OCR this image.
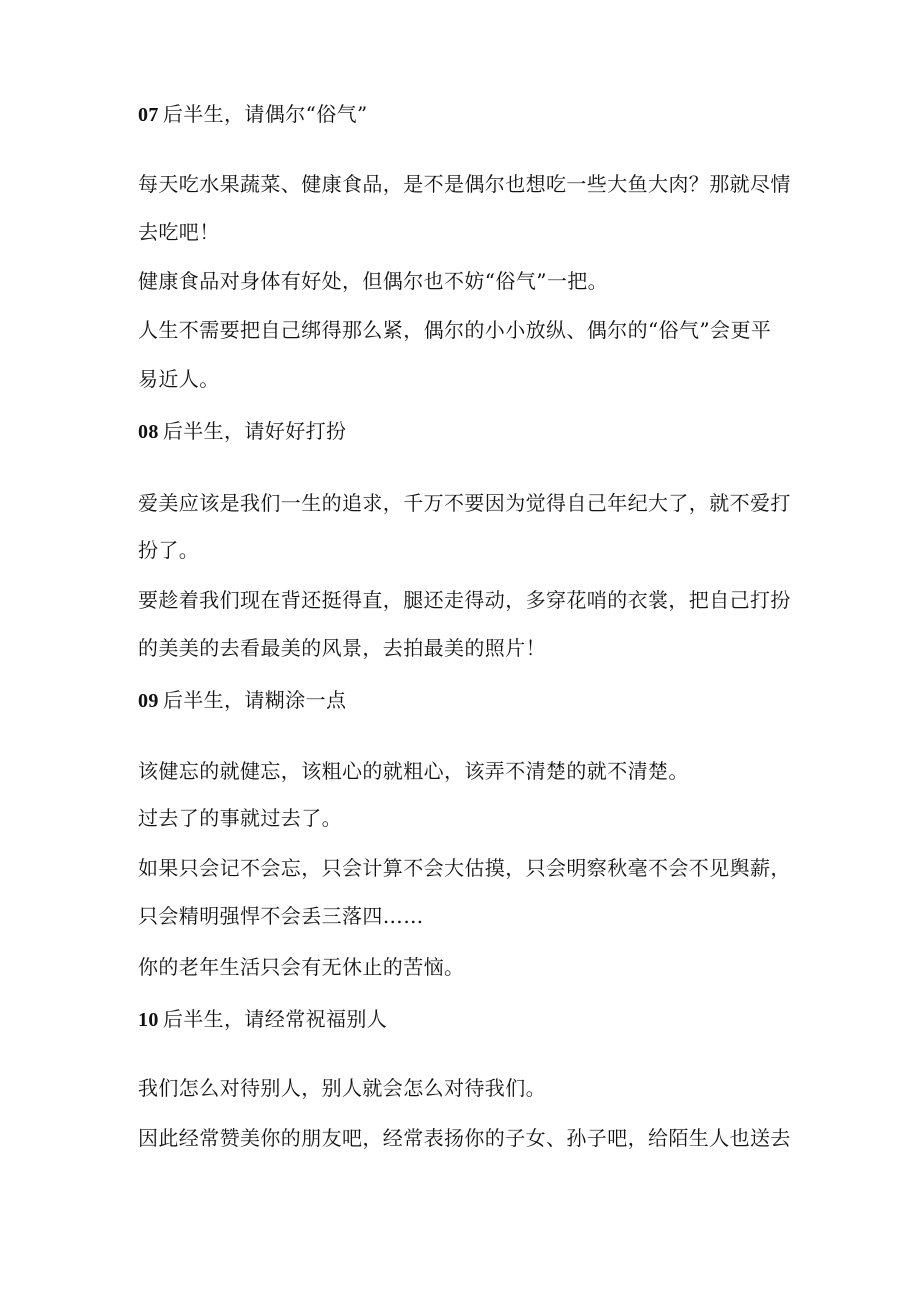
07 后半生，请偶尔“俗气”
每天吃水果蔬菜、健康食品，是不是偶尔也想吃一些大鱼大肉？那就尽情
去吃吧！
健康食品对身体有好处，但偶尔也不妨“俗气”一把。
人生不需要把自己绑得那么紧，偶尔的小小放纵、偶尔的“俗气”会更平
易近人。
08 后半生，请好好打扮
爱美应该是我们一生的追求，千万不要因为觉得自己年纪大了，就不爱打
扮了。
要趁着我们现在背还挺得直，腿还走得动，多穿花哨的衣裳，把自己打扮
的美美的去看最美的风景，去拍最美的照片！
09 后半生，请糊涂一点
该健忘的就健忘，该粗心的就粗心，该弄不清楚的就不清楚。
过去了的事就过去了。
如果只会记不会忘，只会计算不会大估摸，只会明察秋毫不会不见舆薪，
只会精明强悍不会丢三落四……
你的老年生活只会有无休止的苦恼。
10 后半生，请经常祝福别人
我们怎么对待别人，别人就会怎么对待我们。
因此经常赞美你的朋友吧，经常表扬你的子女、孙子吧，给陌生人也送去
